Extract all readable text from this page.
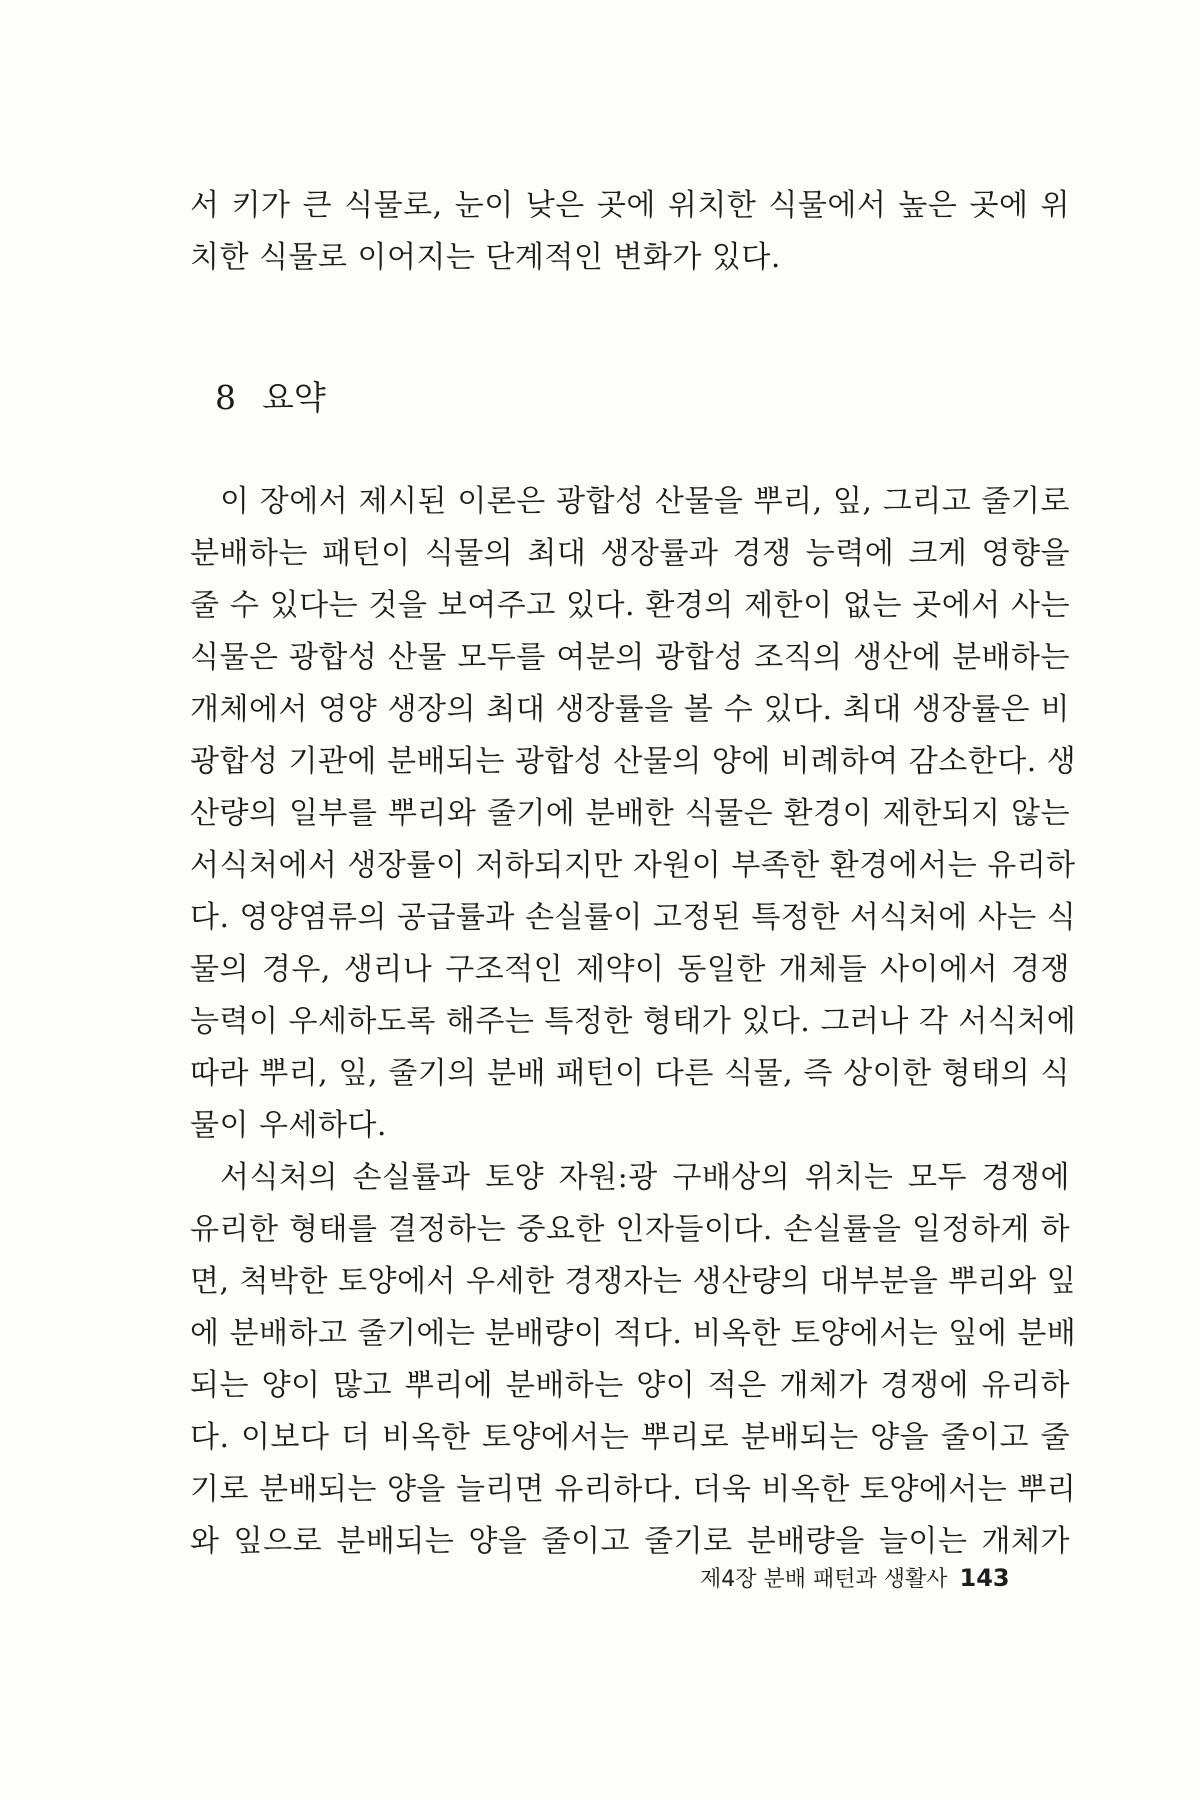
서 키가 큰 식물로, 눈이 낮은 곳에 위치한 식물에서 높은 곳에 위
치한 식물로 이어지는 단계적인 변화가 있다.
8 요약
이 장에서 제시된 이론은 광합성 산물을 뿌리, 잎, 그리고 줄기로
분배하는 패턴이 식물의 최대 생장률과 경쟁 능력에 크게 영향을
줄 수 있다는 것을 보여주고 있다. 환경의 제한이 없는 곳에서 사는
식물은 광합성 산물 모두를 여분의 광합성 조직의 생산에 분배하는
개체에서 영양 생장의 최대 생장률을 볼 수 있다. 최대 생장률은 비
광합성 기관에 분배되는 광합성 산물의 양에 비례하여 감소한다. 생
산량의 일부를 뿌리와 줄기에 분배한 식물은 환경이 제한되지 않는
서식처에서 생장률이 저하되지만 자원이 부족한 환경에서는 유리하
다. 영양염류의 공급률과 손실률이 고정된 특정한 서식처에 사는 식
물의 경우, 생리나 구조적인 제약이 동일한 개체들 사이에서 경쟁
능력이 우세하도록 해주는 특정한 형태가 있다. 그러나 각 서식처에
따라 뿌리, 잎, 줄기의 분배 패턴이 다른 식물, 즉 상이한 형태의 식
물이 우세하다.
서식처의 손실률과 토양 자원:광 구배상의 위치는 모두 경쟁에
유리한 형태를 결정하는 중요한 인자들이다. 손실률을 일정하게 하
면, 척박한 토양에서 우세한 경쟁자는 생산량의 대부분을 뿌리와 잎
에 분배하고 줄기에는 분배량이 적다. 비옥한 토양에서는 잎에 분배
되는 양이 많고 뿌리에 분배하는 양이 적은 개체가 경쟁에 유리하
다. 이보다 더 비옥한 토양에서는 뿌리로 분배되는 양을 줄이고 줄
기로 분배되는 양을 늘리면 유리하다. 더욱 비옥한 토양에서는 뿌리
와 잎으로 분배되는 양을 줄이고 줄기로 분배량을 늘이는 개체가
제4장 분배 패턴과 생활사 143
